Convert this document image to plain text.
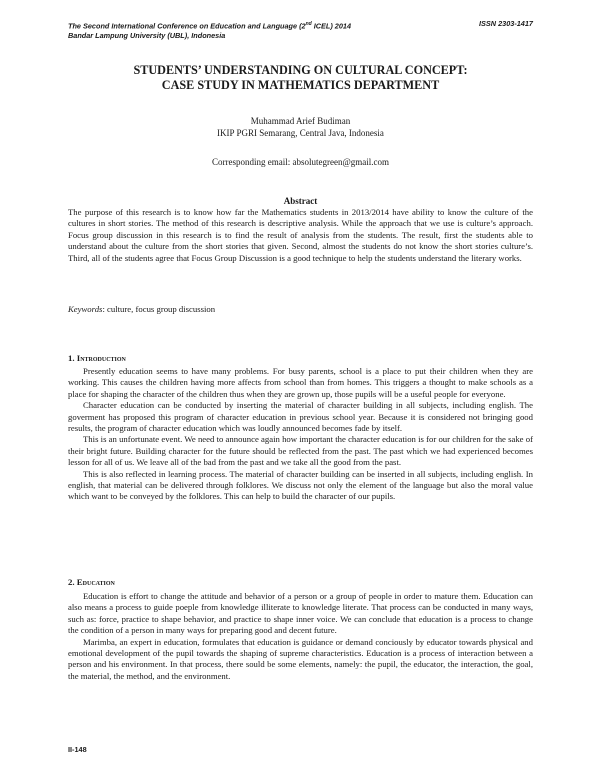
The Second International Conference on Education and Language (2nd ICEL) 2014
Bandar Lampung University (UBL), Indonesia
ISSN 2303-1417
STUDENTS’ UNDERSTANDING ON CULTURAL CONCEPT:
CASE STUDY IN MATHEMATICS DEPARTMENT
Muhammad Arief Budiman
IKIP PGRI Semarang, Central Java, Indonesia
Corresponding email: absolutegreen@gmail.com
Abstract
The purpose of this research is to know how far the Mathematics students in 2013/2014 have ability to know the culture of the cultures in short stories. The method of this research is descriptive analysis. While the approach that we use is culture’s approach. Focus group discussion in this research is to find the result of analysis from the students. The result, first the students able to understand about the culture from the short stories that given. Second, almost the students do not know the short stories culture’s. Third, all of the students agree that Focus Group Discussion is a good technique to help the students understand the literary works.
Keywords: culture, focus group discussion
1. Introduction

Presently education seems to have many problems. For busy parents, school is a place to put their children when they are working. This causes the children having more affects from school than from homes. This triggers a thought to make schools as a place for shaping the character of the children thus when they are grown up, those pupils will be a useful people for everyone.

Character education can be conducted by inserting the material of character building in all subjects, including english. The goverment has proposed this program of character education in previous school year. Because it is considered not bringing good results, the program of character education which was loudly announced becomes fade by itself.

This is an unfortunate event. We need to announce again how important the character education is for our children for the sake of their bright future. Building character for the future should be reflected from the past. The past which we had experienced becomes lesson for all of us. We leave all of the bad from the past and we take all the good from the past.

This is also reflected in learning process. The material of character building can be inserted in all subjects, including english. In english, that material can be delivered through folklores. We discuss not only the element of the language but also the moral value which want to be conveyed by the folklores. This can help to build the character of our pupils.

2. Education

Education is effort to change the attitude and behavior of a person or a group of people in order to mature them. Education can also means a process to guide poeple from knowledge illiterate to knowledge literate. That process can be conducted in many ways, such as: force, practice to shape behavior, and practice to shape inner voice. We can conclude that education is a process to change the condition of a person in many ways for preparing good and decent future.

Marimba, an expert in education, formulates that education is guidance or demand conciously by educator towards physical and emotional development of the pupil towards the shaping of supreme characteristics. Education is a process of interaction between a person and his environment. In that process, there sould be some elements, namely: the pupil, the educator, the interaction, the goal, the material, the method, and the environment.

II-148
